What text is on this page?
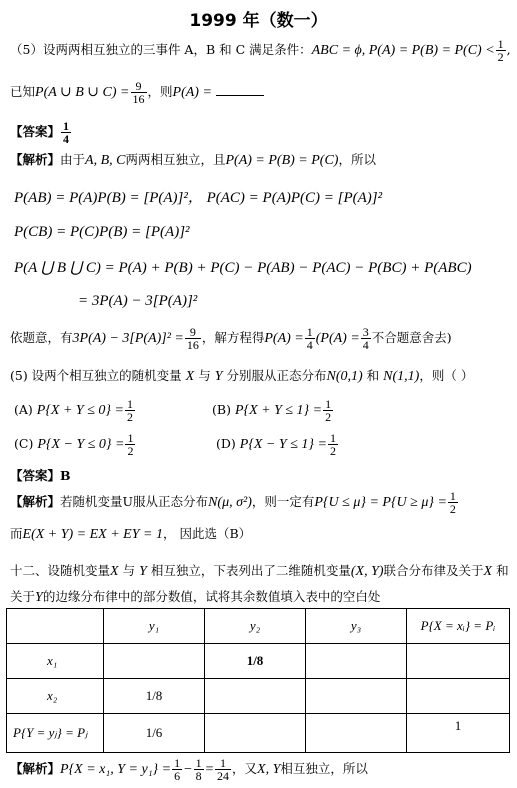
1999 年（数一）
（5）设两两相互独立的三事件 A，B 和 C 满足条件：ABC = ϕ, $P(A) = P(B) = P(C) < \frac{1}{2}$ ,
已知P(A ∪ B ∪ $C) = \frac{9}{16}$ ，则P(A) =
【答案】 $\frac{1}{4}$
【解析】由于A, B, C两两相互独立，且P(A) = P(B) = P(C)，所以
P(AB) = P(A)P(B) = [P(A)]²， P(AC) = P(A)P(C) = [P(A)]²
P(CB) = P(C)P(B) = [P(A)]²
P(A ⋃ B ⋃ C) = P(A) + P(B) + P(C) − P(AB) − P(AC) − P(BC) + P(ABC)
= 3P(A) − 3[P(A)]²
依题意，有$3P(A) - 3[P(A)]^2 = \frac{9}{16}$ ，解方程得$P(A) = \frac{1}{4} (P(A) = \frac{3}{4}$ 不合题意舍去)
(5) 设两个相互独立的随机变量 X 与 Y 分别服从正态分布N(0,1) 和 N(1,1)，则（ ）
(A) $P\{X + Y \le 0\} = \frac{1}{2}$	(B) $P\{X + Y \le 1\} = \frac{1}{2}$
(C) $P\{X - Y \le 0\} = \frac{1}{2}$	(D) $P\{X - Y \le 1\} = \frac{1}{2}$
【答案】B
【解析】若随机变量U服从正态分布N(μ, σ²)，则一定有$P\{U \le \mu\} = P\{U \ge \mu\} = \frac{1}{2}$
而E(X + Y) = EX + EY = 1， 因此选（B）
十二、设随机变量X 与 Y 相互独立，下表列出了二维随机变量(X, Y)联合分布律及关于X 和
关于Y的边缘分布律中的部分数值，试将其余数值填入表中的空白处
	y₁	y₂	y₃	P{X = xᵢ} = Pᵢ
x₁		1/8		
x₂	1/8			
P{Y = yⱼ} = Pⱼ	1/6			1
【解析】P{X = x₁, $Y = y_1\} = \frac{1}{6} - \frac{1}{8} = \frac{1}{24}$ ，又X, Y相互独立，所以
